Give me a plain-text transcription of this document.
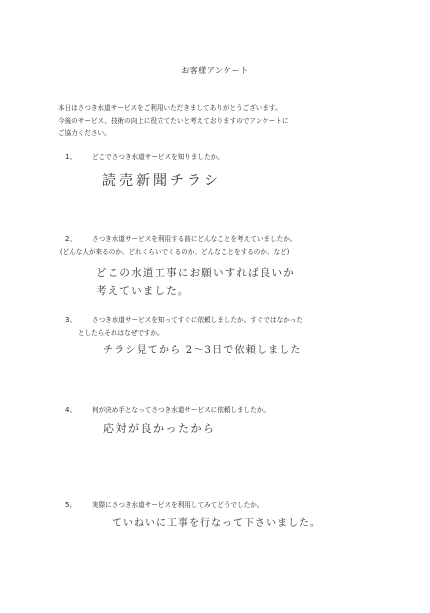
お客様アンケート
本日はさつき水道サービスをご利用いただきましてありがとうございます。
今後のサービス、技術の向上に役立てたいと考えておりますのでアンケートに
ご協力ください。
1、 どこでさつき水道サービスを知りましたか。
読売新聞チラシ
2、 さつき水道サービスを利用する前にどんなことを考えていましたか。
(どんな人が来るのか、どれくらいでくるのか、どんなことをするのか、など)
どこの水道工事にお願いすれば良いか
考えていました。
3、 さつき水道サービスを知ってすぐに依頼しましたか。すぐではなかった
としたらそれはなぜですか。
チラシ見てから 2〜3日で依頼しました
4、 何が決め手となってさつき水道サービスに依頼しましたか。
応対が良かったから
5、 実際にさつき水道サービスを利用してみてどうでしたか。
ていねいに工事を行なって下さいました。
